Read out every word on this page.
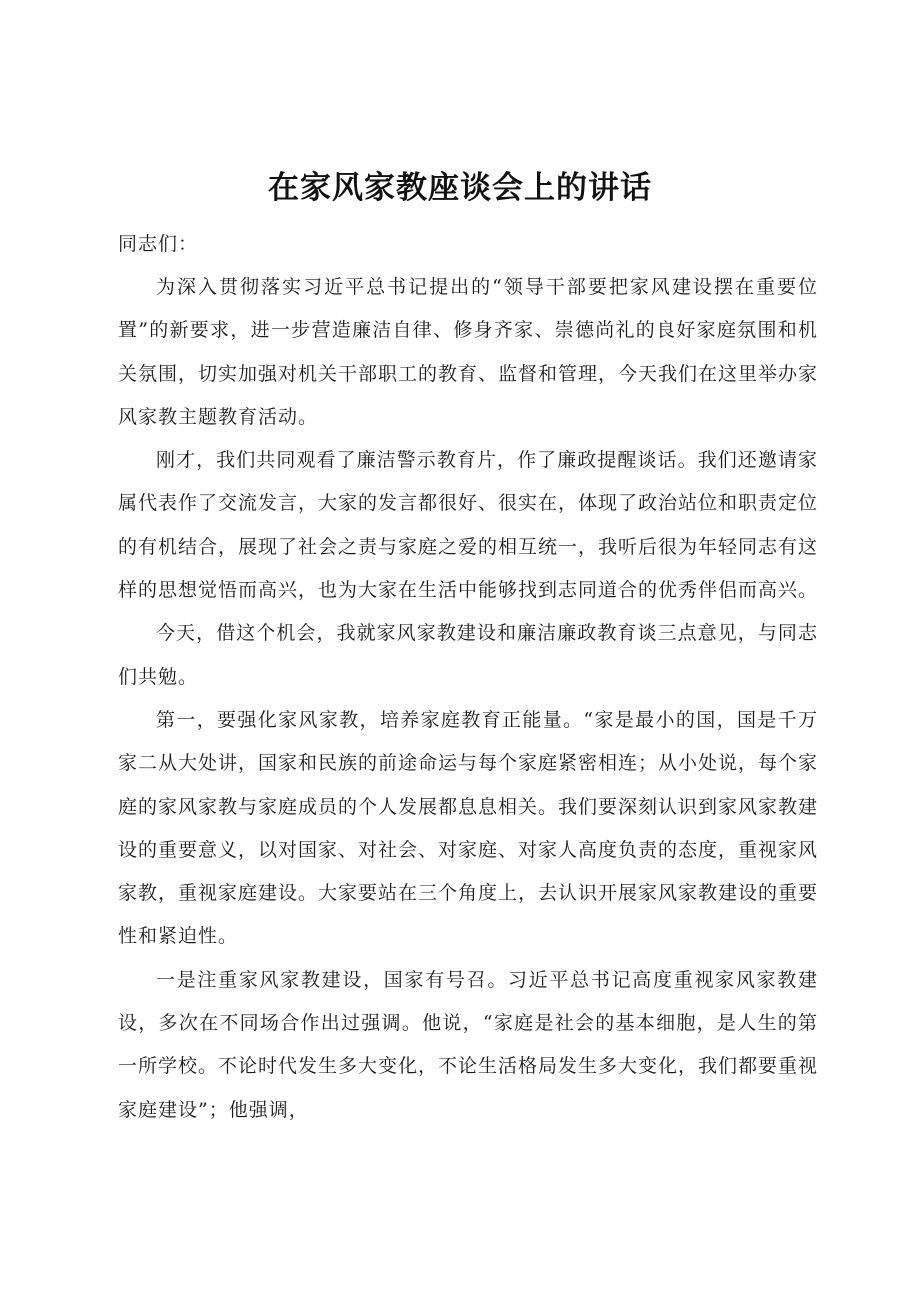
在家风家教座谈会上的讲话

同志们：

为深入贯彻落实习近平总书记提出的“领导干部要把家风建设摆在重要位置”的新要求，进一步营造廉洁自律、修身齐家、崇德尚礼的良好家庭氛围和机关氛围，切实加强对机关干部职工的教育、监督和管理，今天我们在这里举办家风家教主题教育活动。

刚才，我们共同观看了廉洁警示教育片，作了廉政提醒谈话。我们还邀请家属代表作了交流发言，大家的发言都很好、很实在，体现了政治站位和职责定位的有机结合，展现了社会之责与家庭之爱的相互统一，我听后很为年轻同志有这样的思想觉悟而高兴，也为大家在生活中能够找到志同道合的优秀伴侣而高兴。

今天，借这个机会，我就家风家教建设和廉洁廉政教育谈三点意见，与同志们共勉。

第一，要强化家风家教，培养家庭教育正能量。“家是最小的国，国是千万家二从大处讲，国家和民族的前途命运与每个家庭紧密相连；从小处说，每个家庭的家风家教与家庭成员的个人发展都息息相关。我们要深刻认识到家风家教建设的重要意义，以对国家、对社会、对家庭、对家人高度负责的态度，重视家风家教，重视家庭建设。大家要站在三个角度上，去认识开展家风家教建设的重要性和紧迫性。

一是注重家风家教建设，国家有号召。习近平总书记高度重视家风家教建设，多次在不同场合作出过强调。他说，“家庭是社会的基本细胞，是人生的第一所学校。不论时代发生多大变化，不论生活格局发生多大变化，我们都要重视家庭建设”；他强调，
